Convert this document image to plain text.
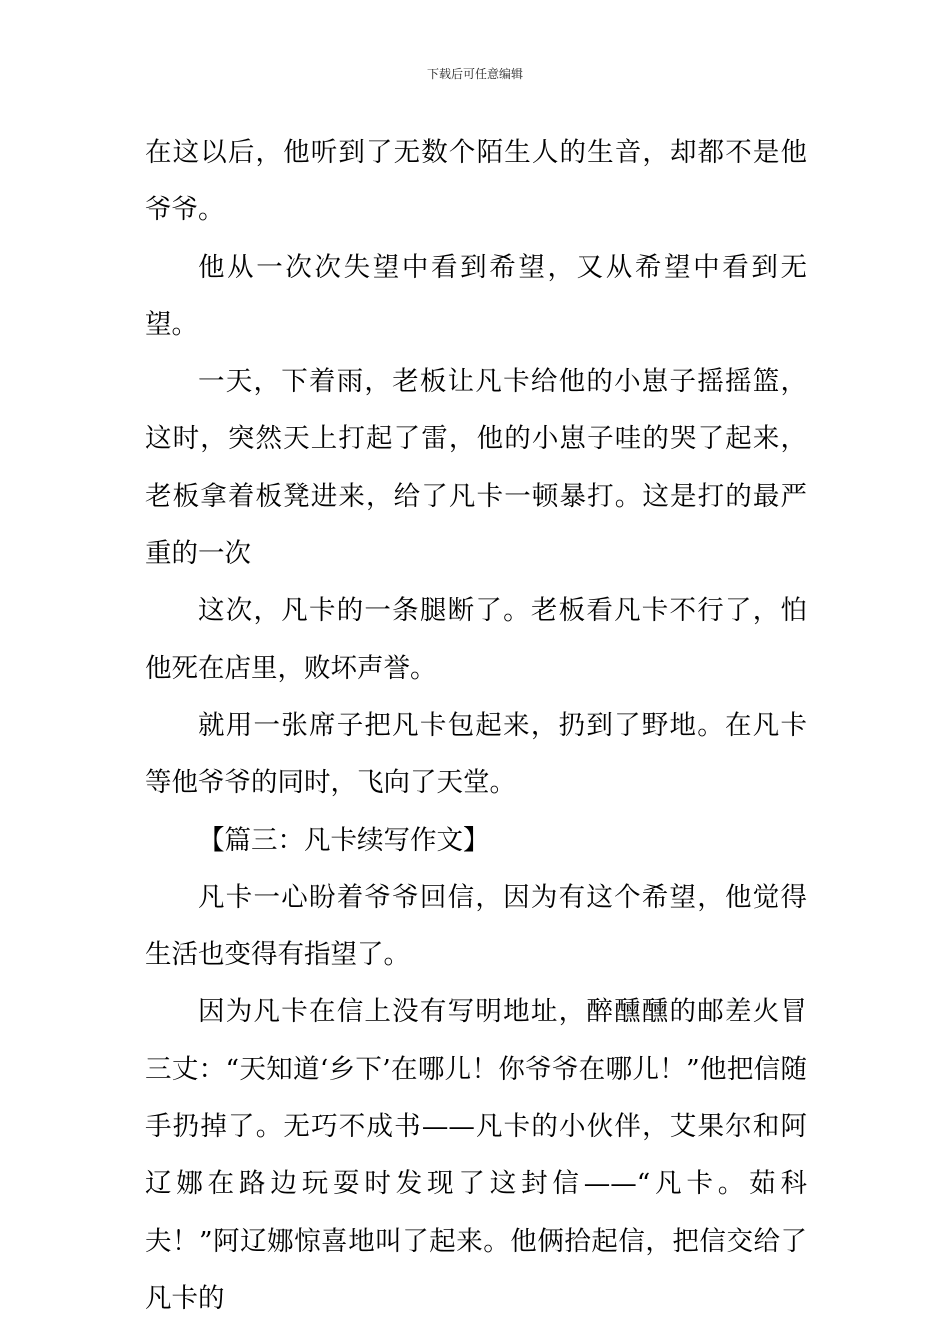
下载后可任意编辑

在这以后，他听到了无数个陌生人的生音，却都不是他爷爷。

他从一次次失望中看到希望，又从希望中看到无望。

一天，下着雨，老板让凡卡给他的小崽子摇摇篮，这时，突然天上打起了雷，他的小崽子哇的哭了起来，老板拿着板凳进来，给了凡卡一顿暴打。这是打的最严重的一次

这次，凡卡的一条腿断了。老板看凡卡不行了，怕他死在店里，败坏声誉。

就用一张席子把凡卡包起来，扔到了野地。在凡卡等他爷爷的同时，飞向了天堂。

【篇三：凡卡续写作文】

凡卡一心盼着爷爷回信，因为有这个希望，他觉得生活也变得有指望了。

因为凡卡在信上没有写明地址，醉醺醺的邮差火冒三丈：“天知道‘乡下’在哪儿！你爷爷在哪儿！”他把信随手扔掉了。无巧不成书——凡卡的小伙伴，艾果尔和阿辽娜在路边玩耍时发现了这封信——“凡卡。茹科夫！”阿辽娜惊喜地叫了起来。他俩拾起信，把信交给了凡卡的
